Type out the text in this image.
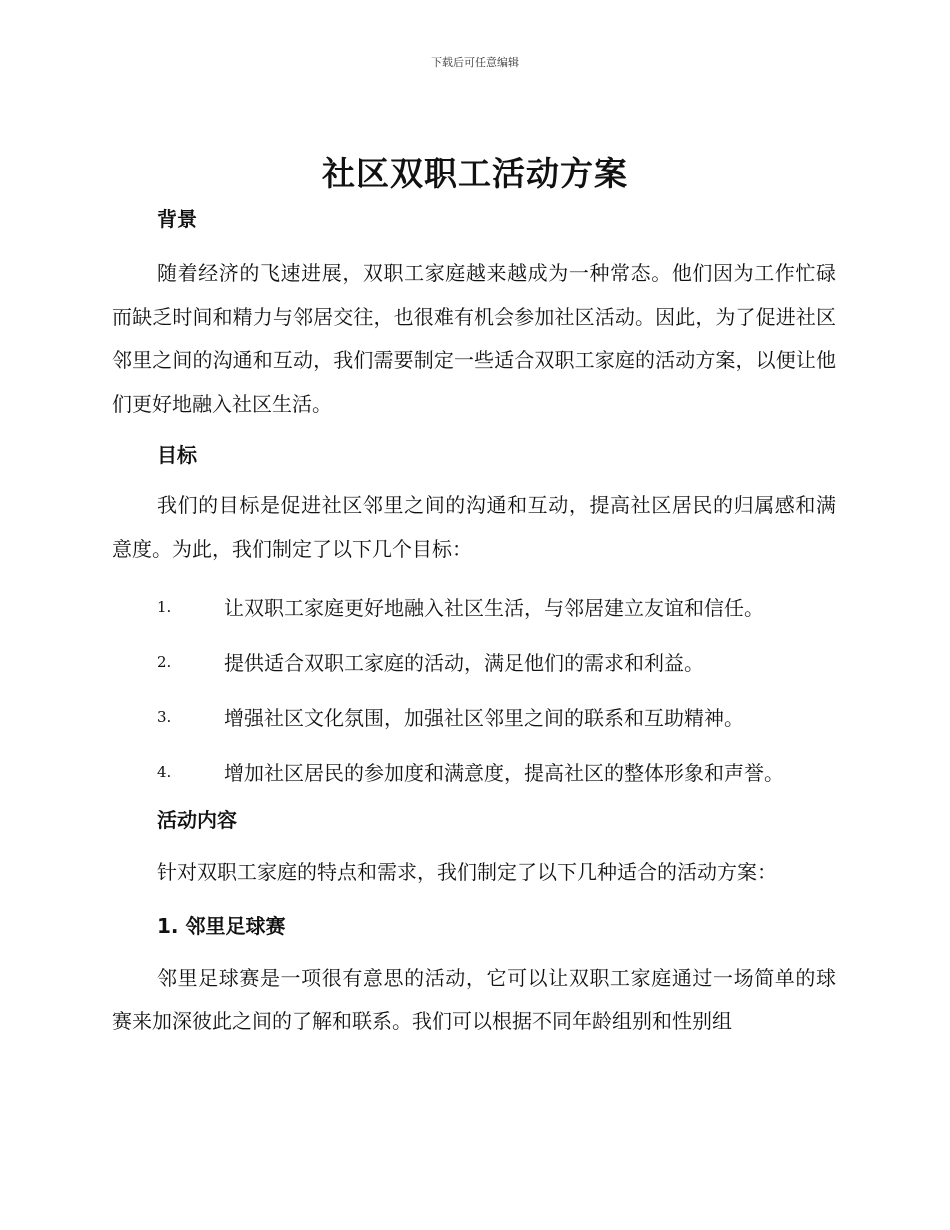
下载后可任意编辑
社区双职工活动方案
背景

随着经济的飞速进展，双职工家庭越来越成为一种常态。他们因为工作忙碌而缺乏时间和精力与邻居交往，也很难有机会参加社区活动。因此，为了促进社区邻里之间的沟通和互动，我们需要制定一些适合双职工家庭的活动方案，以便让他们更好地融入社区生活。

目标

我们的目标是促进社区邻里之间的沟通和互动，提高社区居民的归属感和满意度。为此，我们制定了以下几个目标：

1.	让双职工家庭更好地融入社区生活，与邻居建立友谊和信任。
2.	提供适合双职工家庭的活动，满足他们的需求和利益。
3.	增强社区文化氛围，加强社区邻里之间的联系和互助精神。
4.	增加社区居民的参加度和满意度，提高社区的整体形象和声誉。
活动内容

针对双职工家庭的特点和需求，我们制定了以下几种适合的活动方案：

1. 邻里足球赛

邻里足球赛是一项很有意思的活动，它可以让双职工家庭通过一场简单的球赛来加深彼此之间的了解和联系。我们可以根据不同年龄组别和性别组
